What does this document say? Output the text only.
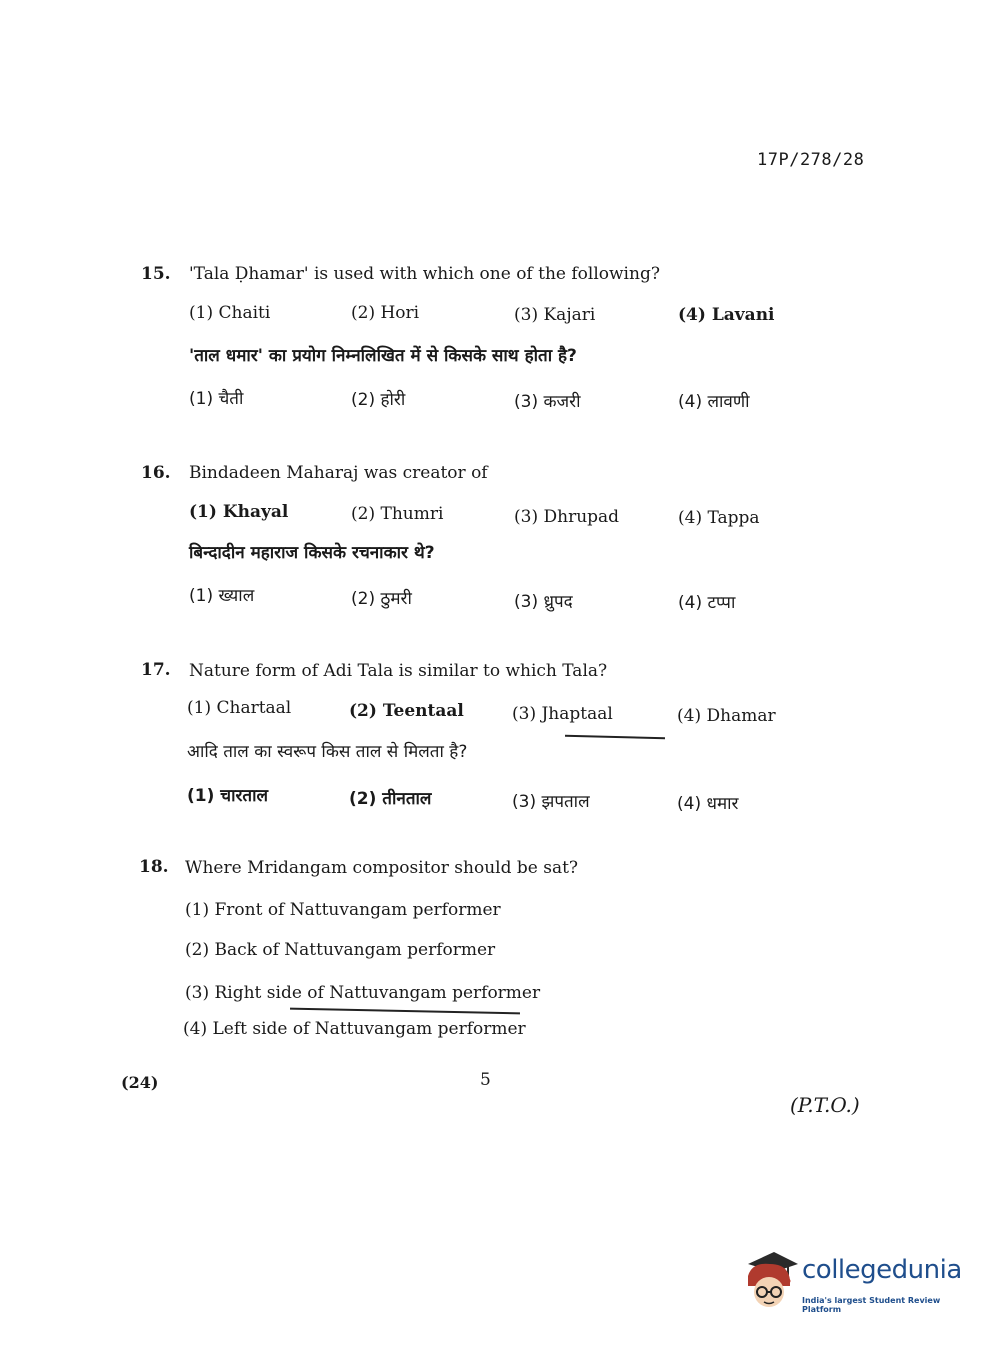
17P/278/28
15. 'Tala Ḍhamar' is used with which one of the following?
(1) Chaiti	(2) Hori	(3) Kajari	(4) Lavani
'ताल धमार' का प्रयोग निम्नलिखित में से किसके साथ होता है?
(1) चैती	(2) होरी	(3) कजरी	(4) लावणी
16. Bindadeen Maharaj was creator of
(1) Khayal	(2) Thumri	(3) Dhrupad	(4) Tappa
बिन्दादीन महाराज किसके रचनाकार थे?
(1) ख्याल	(2) ठुमरी	(3) ध्रुपद	(4) टप्पा
17. Nature form of Adi Tala is similar to which Tala?
(1) Chartaal	(2) Teentaal	(3) Jhaptaal	(4) Dhamar
आदि ताल का स्वरूप किस ताल से मिलता है?
(1) चारताल	(2) तीनताल	(3) झपताल	(4) धमार
18. Where Mridangam compositor should be sat?
(1) Front of Nattuvangam performer
(2) Back of Nattuvangam performer
(3) Right side of Nattuvangam performer
(4) Left side of Nattuvangam performer
(24)	5
(P.T.O.)
collegedunia
India's largest Student Review Platform
